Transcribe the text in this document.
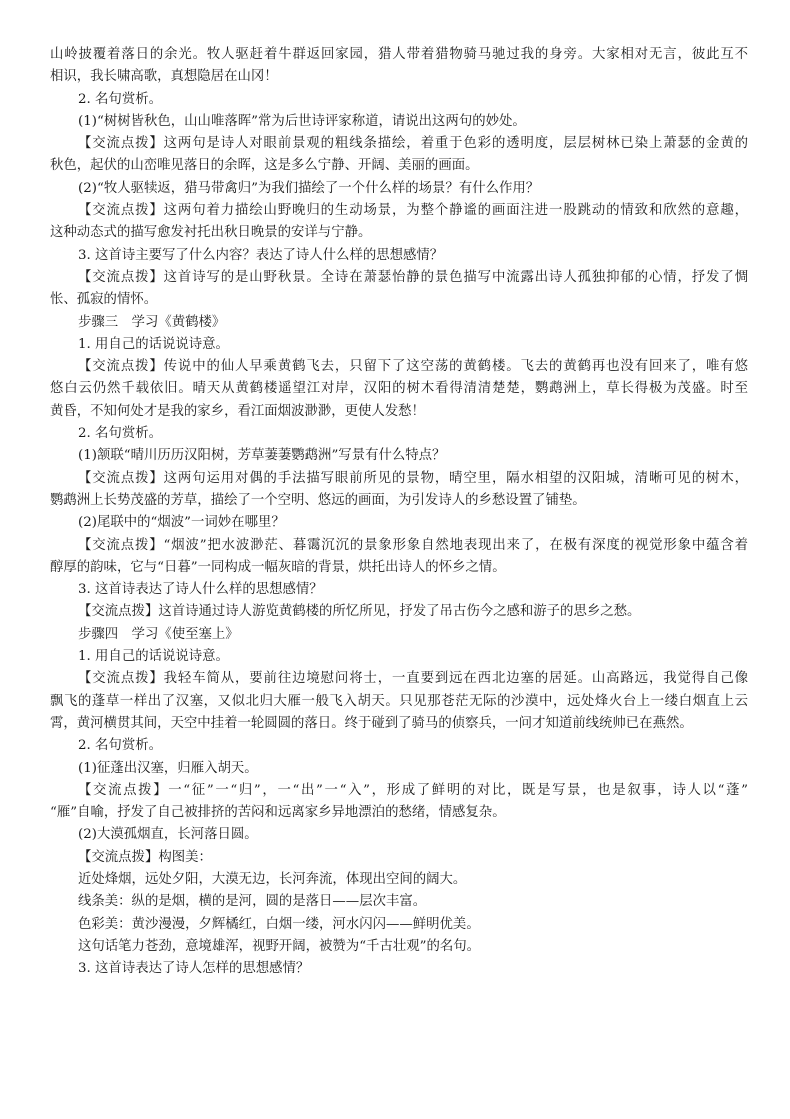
山岭披覆着落日的余光。牧人驱赶着牛群返回家园，猎人带着猎物骑马驰过我的身旁。大家相对无言，彼此互不
相识，我长啸高歌，真想隐居在山冈！
2. 名句赏析。
(1)“树树皆秋色，山山唯落晖”常为后世诗评家称道，请说出这两句的妙处。
【交流点拨】这两句是诗人对眼前景观的粗线条描绘，着重于色彩的透明度，层层树林已染上萧瑟的金黄的
秋色，起伏的山峦唯见落日的余晖，这是多么宁静、开阔、美丽的画面。
(2)“牧人驱犊返，猎马带禽归”为我们描绘了一个什么样的场景？有什么作用？
【交流点拨】这两句着力描绘山野晚归的生动场景，为整个静谧的画面注进一股跳动的情致和欣然的意趣，
这种动态式的描写愈发衬托出秋日晚景的安详与宁静。
3. 这首诗主要写了什么内容？表达了诗人什么样的思想感情？
【交流点拨】这首诗写的是山野秋景。全诗在萧瑟怡静的景色描写中流露出诗人孤独抑郁的心情，抒发了惆
怅、孤寂的情怀。
步骤三　学习《黄鹤楼》
1. 用自己的话说说诗意。
【交流点拨】传说中的仙人早乘黄鹤飞去，只留下了这空荡的黄鹤楼。飞去的黄鹤再也没有回来了，唯有悠
悠白云仍然千载依旧。晴天从黄鹤楼遥望江对岸，汉阳的树木看得清清楚楚，鹦鹉洲上，草长得极为茂盛。时至
黄昏，不知何处才是我的家乡，看江面烟波渺渺，更使人发愁！
2. 名句赏析。
(1)颔联“晴川历历汉阳树，芳草萋萋鹦鹉洲”写景有什么特点？
【交流点拨】这两句运用对偶的手法描写眼前所见的景物，晴空里，隔水相望的汉阳城，清晰可见的树木，
鹦鹉洲上长势茂盛的芳草，描绘了一个空明、悠远的画面，为引发诗人的乡愁设置了铺垫。
(2)尾联中的“烟波”一词妙在哪里？
【交流点拨】“烟波”把水波渺茫、暮霭沉沉的景象形象自然地表现出来了，在极有深度的视觉形象中蕴含着
醇厚的韵味，它与“日暮”一同构成一幅灰暗的背景，烘托出诗人的怀乡之情。
3. 这首诗表达了诗人什么样的思想感情？
【交流点拨】这首诗通过诗人游览黄鹤楼的所忆所见，抒发了吊古伤今之感和游子的思乡之愁。
步骤四　学习《使至塞上》
1. 用自己的话说说诗意。
【交流点拨】我轻车简从，要前往边境慰问将士，一直要到远在西北边塞的居延。山高路远，我觉得自己像
飘飞的蓬草一样出了汉塞，又似北归大雁一般飞入胡天。只见那苍茫无际的沙漠中，远处烽火台上一缕白烟直上云
霄，黄河横贯其间，天空中挂着一轮圆圆的落日。终于碰到了骑马的侦察兵，一问才知道前线统帅已在燕然。
2. 名句赏析。
(1)征蓬出汉塞，归雁入胡天。
【交流点拨】一“征”一“归”，一“出”一“入”，形成了鲜明的对比，既是写景，也是叙事，诗人以“蓬”
“雁”自喻，抒发了自己被排挤的苦闷和远离家乡异地漂泊的愁绪，情感复杂。
(2)大漠孤烟直，长河落日圆。
【交流点拨】构图美：
近处烽烟，远处夕阳，大漠无边，长河奔流，体现出空间的阔大。
线条美：纵的是烟，横的是河，圆的是落日——层次丰富。
色彩美：黄沙漫漫，夕辉橘红，白烟一缕，河水闪闪——鲜明优美。
这句话笔力苍劲，意境雄浑，视野开阔，被赞为“千古壮观”的名句。
3. 这首诗表达了诗人怎样的思想感情？
